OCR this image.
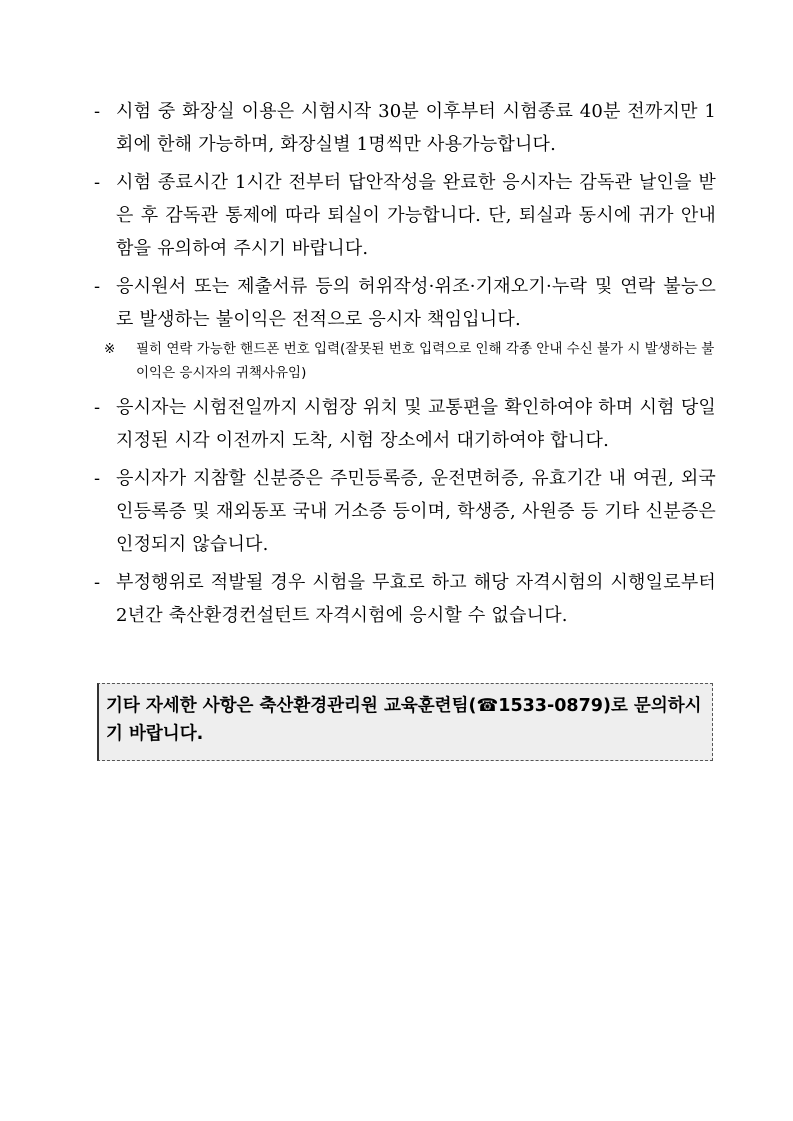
- 시험 중 화장실 이용은 시험시작 30분 이후부터 시험종료 40분 전까지만 1회에 한해 가능하며, 화장실별 1명씩만 사용가능합니다.
- 시험 종료시간 1시간 전부터 답안작성을 완료한 응시자는 감독관 날인을 받은 후 감독관 통제에 따라 퇴실이 가능합니다. 단, 퇴실과 동시에 귀가 안내함을 유의하여 주시기 바랍니다.
- 응시원서 또는 제출서류 등의 허위작성·위조·기재오기·누락 및 연락 불능으로 발생하는 불이익은 전적으로 응시자 책임입니다.
※ 필히 연락 가능한 핸드폰 번호 입력(잘못된 번호 입력으로 인해 각종 안내 수신 불가 시 발생하는 불이익은 응시자의 귀책사유임)
- 응시자는 시험전일까지 시험장 위치 및 교통편을 확인하여야 하며 시험 당일 지정된 시각 이전까지 도착, 시험 장소에서 대기하여야 합니다.
- 응시자가 지참할 신분증은 주민등록증, 운전면허증, 유효기간 내 여권, 외국인등록증 및 재외동포 국내 거소증 등이며, 학생증, 사원증 등 기타 신분증은 인정되지 않습니다.
- 부정행위로 적발될 경우 시험을 무효로 하고 해당 자격시험의 시행일로부터 2년간 축산환경컨설턴트 자격시험에 응시할 수 없습니다.
기타 자세한 사항은 축산환경관리원 교육훈련팀(☎1533-0879)로 문의하시기 바랍니다.
